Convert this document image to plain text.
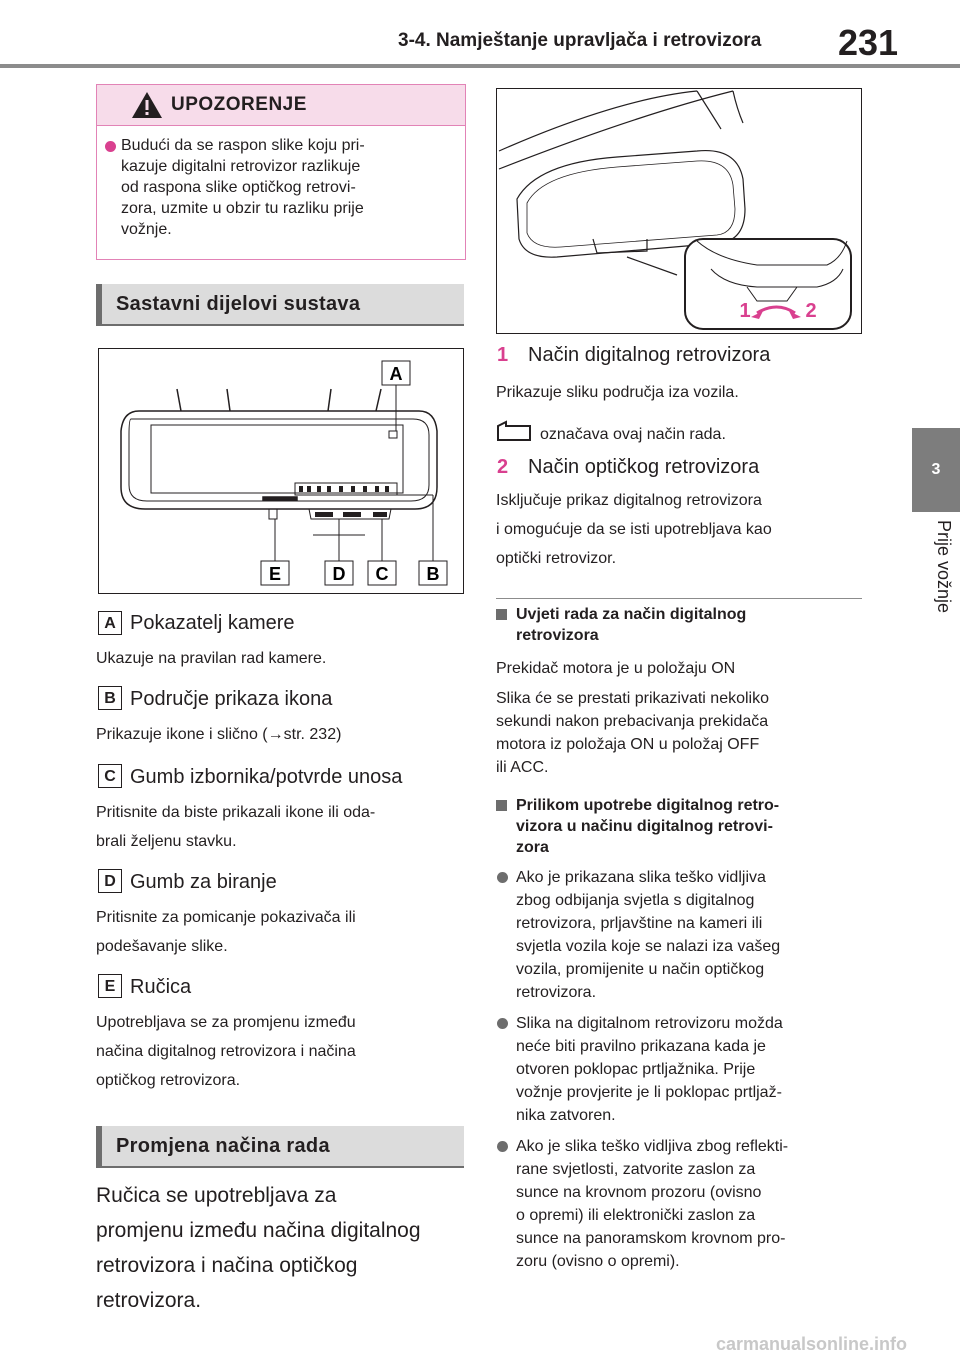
3-4. Namještanje upravljača i retrovizora 231
3
Prije vožnje
UPOZORENJE
Budući da se raspon slike koju pri-
kazuje digitalni retrovizor razlikuje
od raspona slike optičkog retrovi-
zora, uzmite u obzir tu razliku prije
vožnje.
Sastavni dijelovi sustava
A
E	D C B
A Pokazatelj kamere
Ukazuje na pravilan rad kamere.
B Područje prikaza ikona
Prikazuje ikone i slično (→str. 232)
C Gumb izbornika/potvrde unosa
Pritisnite da biste prikazali ikone ili oda-
brali željenu stavku.
D Gumb za biranje
Pritisnite za pomicanje pokazivača ili
podešavanje slike.
E Ručica
Upotrebljava se za promjenu između
načina digitalnog retrovizora i načina
optičkog retrovizora.
Promjena načina rada
Ručica se upotrebljava za
promjenu između načina digitalnog
retrovizora i načina optičkog
retrovizora.
1	2
1 Način digitalnog retrovizora
Prikazuje sliku područja iza vozila.
označava ovaj način rada.
2 Način optičkog retrovizora
Isključuje prikaz digitalnog retrovizora
i omogućuje da se isti upotrebljava kao
optički retrovizor.
Uvjeti rada za način digitalnog
retrovizora
Prekidač motora je u položaju ON
Slika će se prestati prikazivati nekoliko
sekundi nakon prebacivanja prekidača
motora iz položaja ON u položaj OFF
ili ACC.
Prilikom upotrebe digitalnog retro-
vizora u načinu digitalnog retrovi-
zora
Ako je prikazana slika teško vidljiva
zbog odbijanja svjetla s digitalnog
retrovizora, prljavštine na kameri ili
svjetla vozila koje se nalazi iza vašeg
vozila, promijenite u način optičkog
retrovizora.
Slika na digitalnom retrovizoru možda
neće biti pravilno prikazana kada je
otvoren poklopac prtljažnika. Prije
vožnje provjerite je li poklopac prtljaž-
nika zatvoren.
Ako je slika teško vidljiva zbog reflekti-
rane svjetlosti, zatvorite zaslon za
sunce na krovnom prozoru (ovisno
o opremi) ili elektronički zaslon za
sunce na panoramskom krovnom pro-
zoru (ovisno o opremi).
carmanualsonline.info
